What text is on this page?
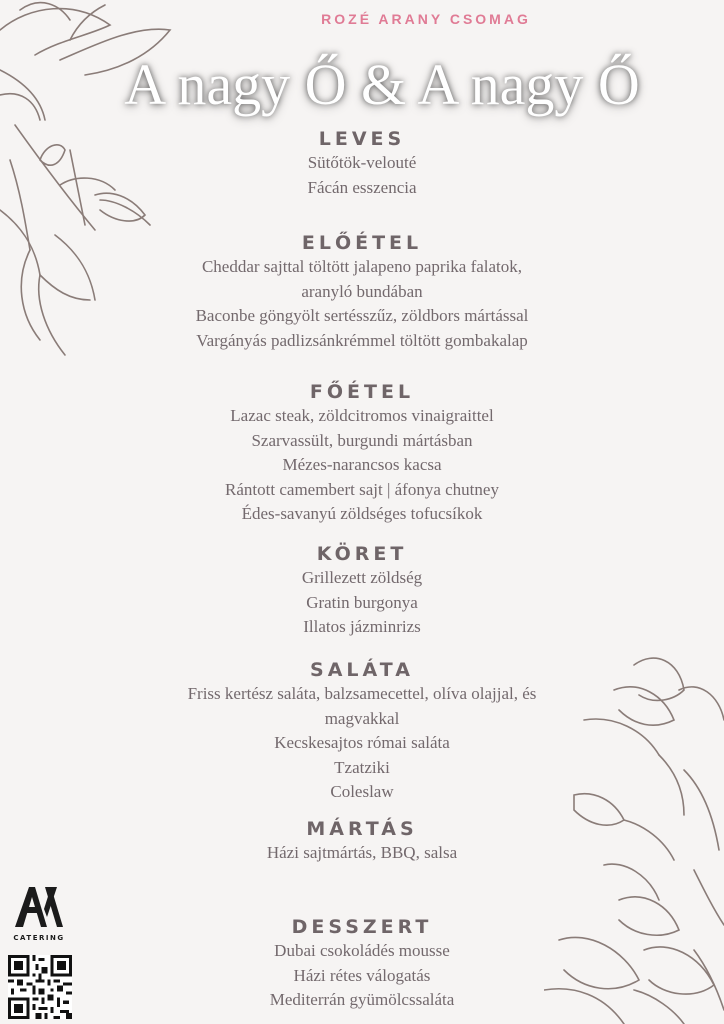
ROZÉ ARANY CSOMAG
A nagy Ő & A nagy Ő
LEVES
Sütőtök-velouté
Fácán esszencia
ELŐÉTEL
Cheddar sajttal töltött jalapeno paprika falatok,
aranyló bundában
Baconbe göngyölt sertésszűz, zöldbors mártással
Vargányás padlizsánkrémmel töltött gombakalap
FŐÉTEL
Lazac steak, zöldcitromos vinaigraittel
Szarvassült, burgundi mártásban
Mézes-narancsos kacsa
Rántott camembert sajt | áfonya chutney
Édes-savanyú zöldséges tofucsíkok
KÖRET
Grillezett zöldség
Gratin burgonya
Illatos jázminrizs
SALÁTA
Friss kertész saláta, balzsamecettel, olíva olajjal, és
magvakkal
Kecskesajtos római saláta
Tzatziki
Coleslaw
MÁRTÁS
Házi sajtmártás, BBQ, salsa
DESSZERT
Dubai csokoládés mousse
Házi rétes válogatás
Mediterrán gyümölcssaláta
CATERING
